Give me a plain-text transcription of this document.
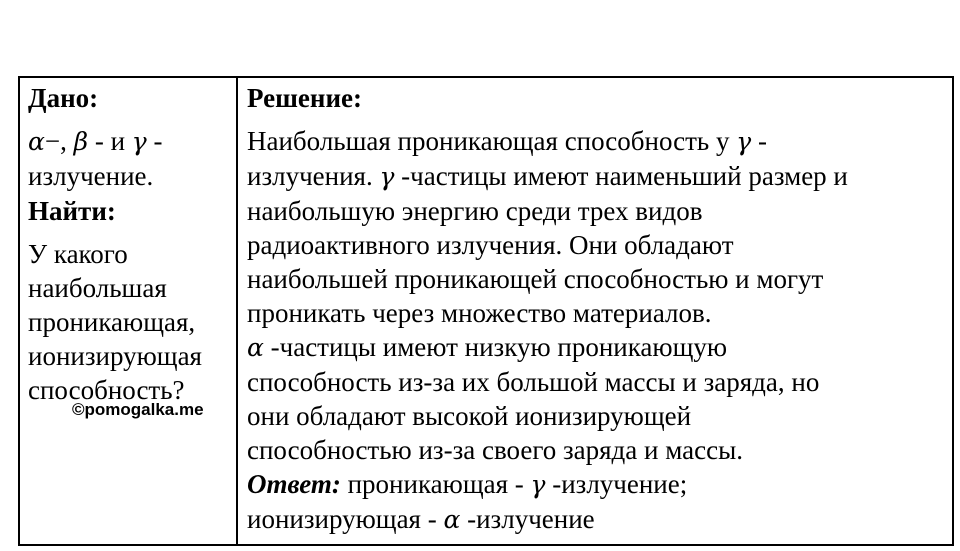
Дано:
α−, β - и γ -
излучение.
Найти:
У какого
наибольшая
проникающая,
ионизирующая
способность?
©pomogalka.me
Решение:
Наибольшая проникающая способность у γ -
излучения. γ -частицы имеют наименьший размер и
наибольшую энергию среди трех видов
радиоактивного излучения. Они обладают
наибольшей проникающей способностью и могут
проникать через множество материалов.
α -частицы имеют низкую проникающую
способность из-за их большой массы и заряда, но
они обладают высокой ионизирующей
способностью из-за своего заряда и массы.
Ответ: проникающая - γ -излучение;
ионизирующая - α -излучение
